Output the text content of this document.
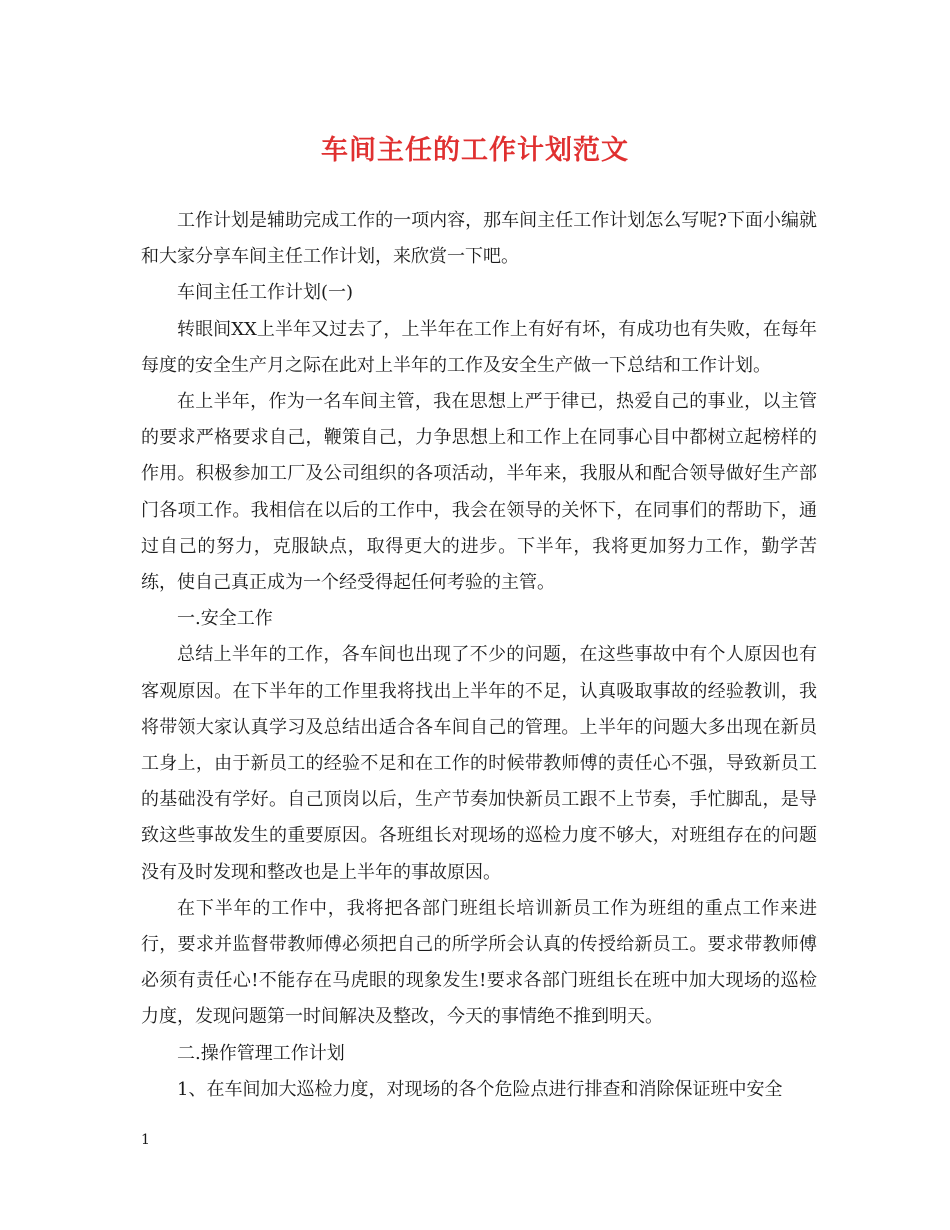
车间主任的工作计划范文

工作计划是辅助完成工作的一项内容，那车间主任工作计划怎么写呢?下面小编就和大家分享车间主任工作计划，来欣赏一下吧。

车间主任工作计划(一)

转眼间XX上半年又过去了，上半年在工作上有好有坏，有成功也有失败，在每年每度的安全生产月之际在此对上半年的工作及安全生产做一下总结和工作计划。

在上半年，作为一名车间主管，我在思想上严于律已，热爱自己的事业，以主管的要求严格要求自己，鞭策自己，力争思想上和工作上在同事心目中都树立起榜样的作用。积极参加工厂及公司组织的各项活动，半年来，我服从和配合领导做好生产部门各项工作。我相信在以后的工作中，我会在领导的关怀下，在同事们的帮助下，通过自己的努力，克服缺点，取得更大的进步。下半年，我将更加努力工作，勤学苦练，使自己真正成为一个经受得起任何考验的主管。

一.安全工作

总结上半年的工作，各车间也出现了不少的问题，在这些事故中有个人原因也有客观原因。在下半年的工作里我将找出上半年的不足，认真吸取事故的经验教训，我将带领大家认真学习及总结出适合各车间自己的管理。上半年的问题大多出现在新员工身上，由于新员工的经验不足和在工作的时候带教师傅的责任心不强，导致新员工的基础没有学好。自己顶岗以后，生产节奏加快新员工跟不上节奏，手忙脚乱，是导致这些事故发生的重要原因。各班组长对现场的巡检力度不够大，对班组存在的问题没有及时发现和整改也是上半年的事故原因。

在下半年的工作中，我将把各部门班组长培训新员工作为班组的重点工作来进行，要求并监督带教师傅必须把自己的所学所会认真的传授给新员工。要求带教师傅必须有责任心!不能存在马虎眼的现象发生!要求各部门班组长在班中加大现场的巡检力度，发现问题第一时间解决及整改，今天的事情绝不推到明天。

二.操作管理工作计划

1、在车间加大巡检力度，对现场的各个危险点进行排查和消除保证班中安全

1
